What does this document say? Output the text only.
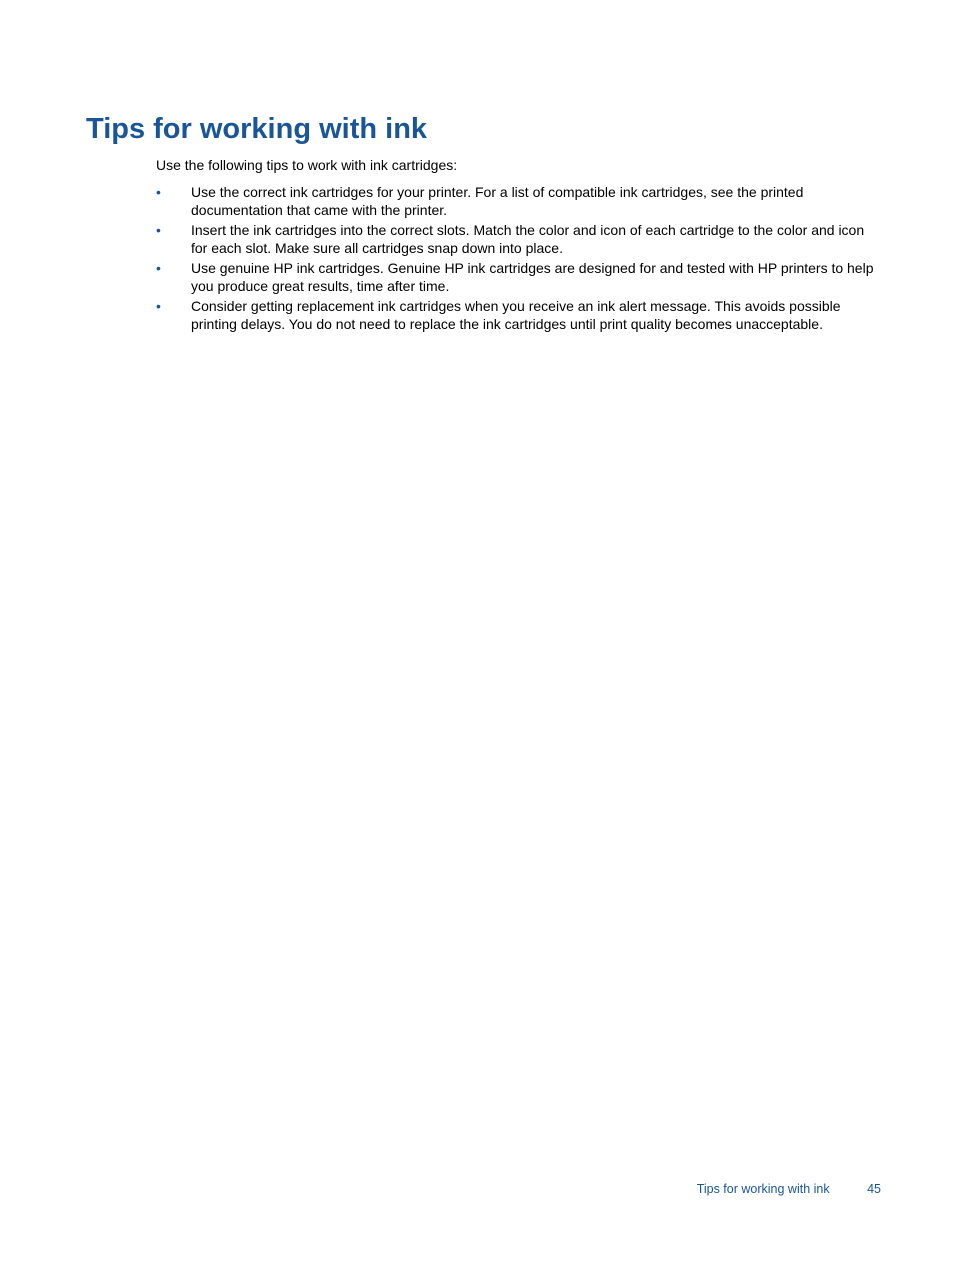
Tips for working with ink

Use the following tips to work with ink cartridges:

• Use the correct ink cartridges for your printer. For a list of compatible ink cartridges, see the printed documentation that came with the printer.
• Insert the ink cartridges into the correct slots. Match the color and icon of each cartridge to the color and icon for each slot. Make sure all cartridges snap down into place.
• Use genuine HP ink cartridges. Genuine HP ink cartridges are designed for and tested with HP printers to help you produce great results, time after time.
• Consider getting replacement ink cartridges when you receive an ink alert message. This avoids possible printing delays. You do not need to replace the ink cartridges until print quality becomes unacceptable.
Tips for working with ink	45
